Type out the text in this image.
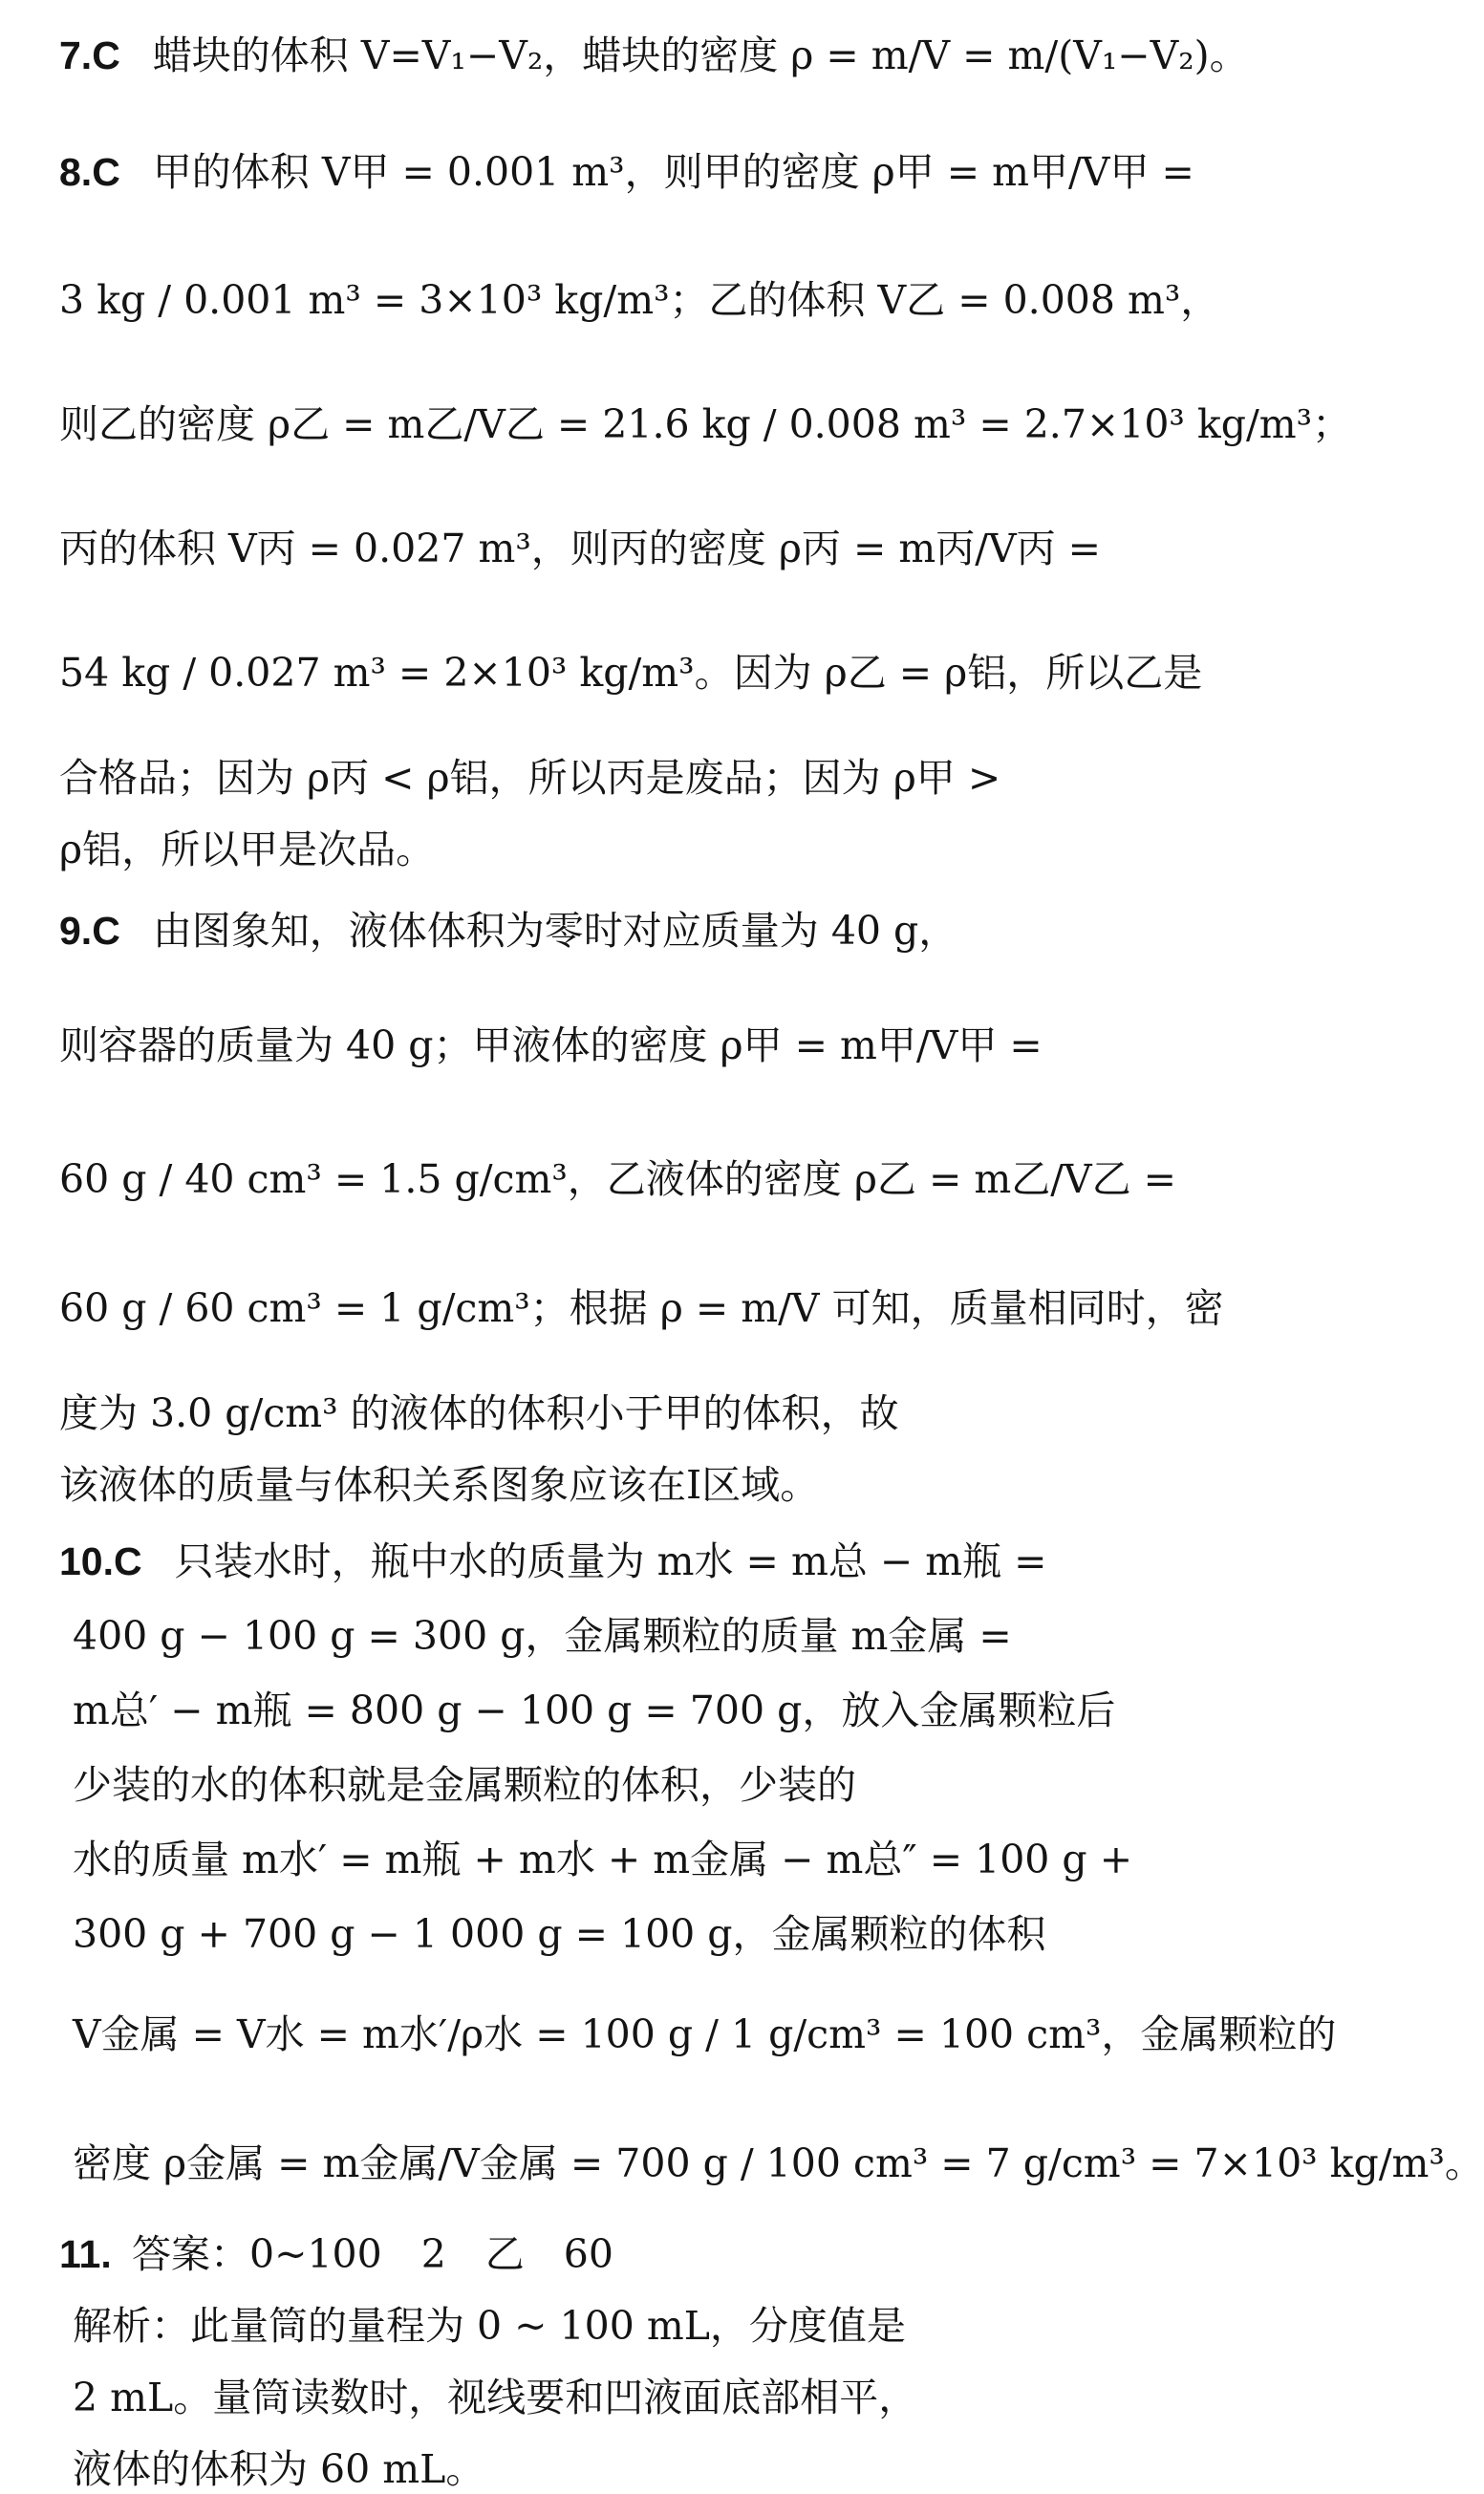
7. C 蜡块的体积 V=V₁−V₂，蜡块的密度 ρ = m/V = m/(V₁−V₂)。
8. C 甲的体积 V甲 = 0.001 m³，则甲的密度 ρ甲 = m甲/V甲 =
3 kg / 0.001 m³ = 3×10³ kg/m³；乙的体积 V乙 = 0.008 m³，
则乙的密度 ρ乙 = m乙/V乙 = 21.6 kg / 0.008 m³ = 2.7×10³ kg/m³；
丙的体积 V丙 = 0.027 m³，则丙的密度 ρ丙 = m丙/V丙 =
54 kg / 0.027 m³ = 2×10³ kg/m³。因为 ρ乙 = ρ铝，所以乙是
合格品；因为 ρ丙 < ρ铝，所以丙是废品；因为 ρ甲 >
ρ铝，所以甲是次品。
9. C 由图象知，液体体积为零时对应质量为 40 g，
则容器的质量为 40 g；甲液体的密度 ρ甲 = m甲/V甲 =
60 g / 40 cm³ = 1.5 g/cm³，乙液体的密度 ρ乙 = m乙/V乙 =
60 g / 60 cm³ = 1 g/cm³；根据 ρ = m/V 可知，质量相同时，密
度为 3.0 g/cm³ 的液体的体积小于甲的体积，故
该液体的质量与体积关系图象应该在Ⅰ区域。
10. C 只装水时，瓶中水的质量为 m水 = m总 − m瓶 =
400 g − 100 g = 300 g，金属颗粒的质量 m金属 =
m总′ − m瓶 = 800 g − 100 g = 700 g，放入金属颗粒后
少装的水的体积就是金属颗粒的体积，少装的
水的质量 m水′ = m瓶 + m水 + m金属 − m总″ = 100 g +
300 g + 700 g − 1 000 g = 100 g，金属颗粒的体积
V金属 = V水 = m水′/ρ水 = 100 g / 1 g/cm³ = 100 cm³，金属颗粒的
密度 ρ金属 = m金属/V金属 = 700 g / 100 cm³ = 7 g/cm³ = 7×10³ kg/m³。
11. 答案：0~100　2　乙　60
解析：此量筒的量程为 0 ~ 100 mL，分度值是
2 mL。量筒读数时，视线要和凹液面底部相平，
液体的体积为 60 mL。
